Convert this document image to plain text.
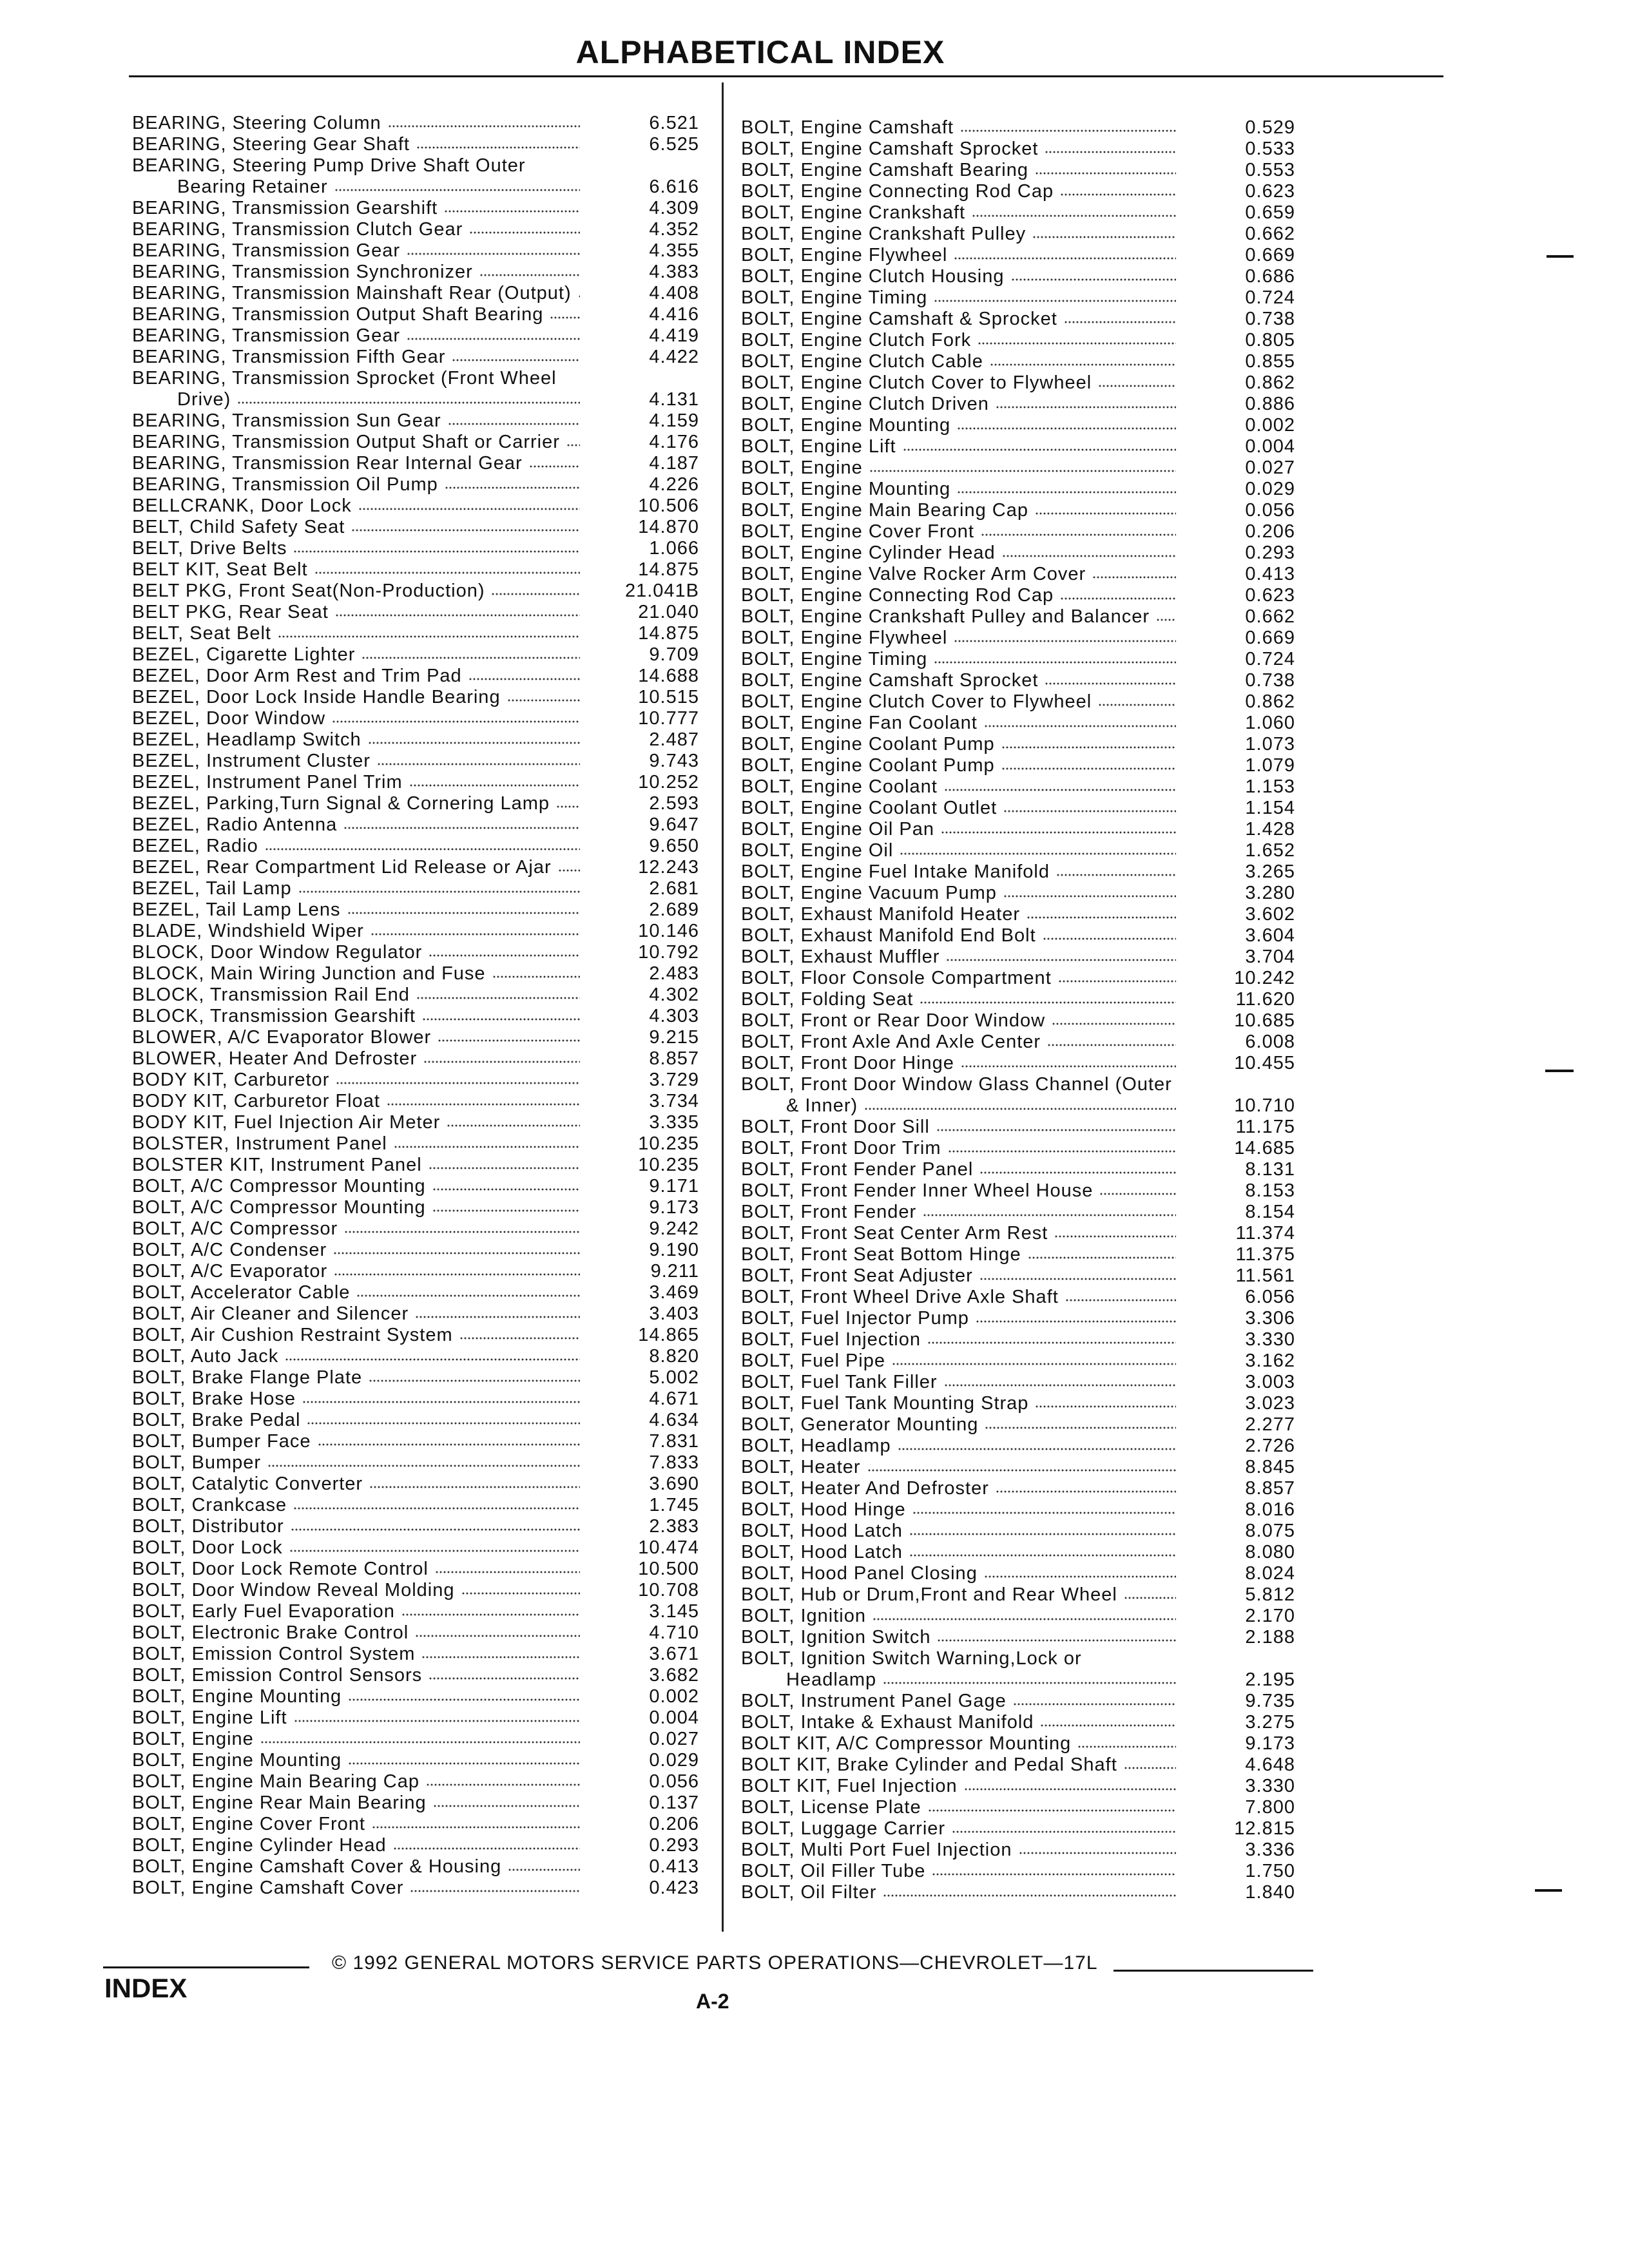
ALPHABETICAL INDEX
BEARING, Steering Column	6.521
BEARING, Steering Gear Shaft	6.525
BEARING, Steering Pump Drive Shaft Outer
Bearing Retainer	6.616
BEARING, Transmission Gearshift	4.309
BEARING, Transmission Clutch Gear	4.352
BEARING, Transmission Gear	4.355
BEARING, Transmission Synchronizer	4.383
BEARING, Transmission Mainshaft Rear (Output)	4.408
BEARING, Transmission Output Shaft Bearing	4.416
BEARING, Transmission Gear	4.419
BEARING, Transmission Fifth Gear	4.422
BEARING, Transmission Sprocket (Front Wheel
Drive)	4.131
BEARING, Transmission Sun Gear	4.159
BEARING, Transmission Output Shaft or Carrier	4.176
BEARING, Transmission Rear Internal Gear	4.187
BEARING, Transmission Oil Pump	4.226
BELLCRANK, Door Lock	10.506
BELT, Child Safety Seat	14.870
BELT, Drive Belts	1.066
BELT KIT, Seat Belt	14.875
BELT PKG, Front Seat(Non-Production)	21.041B
BELT PKG, Rear Seat	21.040
BELT, Seat Belt	14.875
BEZEL, Cigarette Lighter	9.709
BEZEL, Door Arm Rest and Trim Pad	14.688
BEZEL, Door Lock Inside Handle Bearing	10.515
BEZEL, Door Window	10.777
BEZEL, Headlamp Switch	2.487
BEZEL, Instrument Cluster	9.743
BEZEL, Instrument Panel Trim	10.252
BEZEL, Parking,Turn Signal & Cornering Lamp	2.593
BEZEL, Radio Antenna	9.647
BEZEL, Radio	9.650
BEZEL, Rear Compartment Lid Release or Ajar	12.243
BEZEL, Tail Lamp	2.681
BEZEL, Tail Lamp Lens	2.689
BLADE, Windshield Wiper	10.146
BLOCK, Door Window Regulator	10.792
BLOCK, Main Wiring Junction and Fuse	2.483
BLOCK, Transmission Rail End	4.302
BLOCK, Transmission Gearshift	4.303
BLOWER, A/C Evaporator Blower	9.215
BLOWER, Heater And Defroster	8.857
BODY KIT, Carburetor	3.729
BODY KIT, Carburetor Float	3.734
BODY KIT, Fuel Injection Air Meter	3.335
BOLSTER, Instrument Panel	10.235
BOLSTER KIT, Instrument Panel	10.235
BOLT, A/C Compressor Mounting	9.171
BOLT, A/C Compressor Mounting	9.173
BOLT, A/C Compressor	9.242
BOLT, A/C Condenser	9.190
BOLT, A/C Evaporator	9.211
BOLT, Accelerator Cable	3.469
BOLT, Air Cleaner and Silencer	3.403
BOLT, Air Cushion Restraint System	14.865
BOLT, Auto Jack	8.820
BOLT, Brake Flange Plate	5.002
BOLT, Brake Hose	4.671
BOLT, Brake Pedal	4.634
BOLT, Bumper Face	7.831
BOLT, Bumper	7.833
BOLT, Catalytic Converter	3.690
BOLT, Crankcase	1.745
BOLT, Distributor	2.383
BOLT, Door Lock	10.474
BOLT, Door Lock Remote Control	10.500
BOLT, Door Window Reveal Molding	10.708
BOLT, Early Fuel Evaporation	3.145
BOLT, Electronic Brake Control	4.710
BOLT, Emission Control System	3.671
BOLT, Emission Control Sensors	3.682
BOLT, Engine Mounting	0.002
BOLT, Engine Lift	0.004
BOLT, Engine	0.027
BOLT, Engine Mounting	0.029
BOLT, Engine Main Bearing Cap	0.056
BOLT, Engine Rear Main Bearing	0.137
BOLT, Engine Cover Front	0.206
BOLT, Engine Cylinder Head	0.293
BOLT, Engine Camshaft Cover & Housing	0.413
BOLT, Engine Camshaft Cover	0.423
BOLT, Engine Camshaft	0.529
BOLT, Engine Camshaft Sprocket	0.533
BOLT, Engine Camshaft Bearing	0.553
BOLT, Engine Connecting Rod Cap	0.623
BOLT, Engine Crankshaft	0.659
BOLT, Engine Crankshaft Pulley	0.662
BOLT, Engine Flywheel	0.669
BOLT, Engine Clutch Housing	0.686
BOLT, Engine Timing	0.724
BOLT, Engine Camshaft & Sprocket	0.738
BOLT, Engine Clutch Fork	0.805
BOLT, Engine Clutch Cable	0.855
BOLT, Engine Clutch Cover to Flywheel	0.862
BOLT, Engine Clutch Driven	0.886
BOLT, Engine Mounting	0.002
BOLT, Engine Lift	0.004
BOLT, Engine	0.027
BOLT, Engine Mounting	0.029
BOLT, Engine Main Bearing Cap	0.056
BOLT, Engine Cover Front	0.206
BOLT, Engine Cylinder Head	0.293
BOLT, Engine Valve Rocker Arm Cover	0.413
BOLT, Engine Connecting Rod Cap	0.623
BOLT, Engine Crankshaft Pulley and Balancer	0.662
BOLT, Engine Flywheel	0.669
BOLT, Engine Timing	0.724
BOLT, Engine Camshaft Sprocket	0.738
BOLT, Engine Clutch Cover to Flywheel	0.862
BOLT, Engine Fan Coolant	1.060
BOLT, Engine Coolant Pump	1.073
BOLT, Engine Coolant Pump	1.079
BOLT, Engine Coolant	1.153
BOLT, Engine Coolant Outlet	1.154
BOLT, Engine Oil Pan	1.428
BOLT, Engine Oil	1.652
BOLT, Engine Fuel Intake Manifold	3.265
BOLT, Engine Vacuum Pump	3.280
BOLT, Exhaust Manifold Heater	3.602
BOLT, Exhaust Manifold End Bolt	3.604
BOLT, Exhaust Muffler	3.704
BOLT, Floor Console Compartment	10.242
BOLT, Folding Seat	11.620
BOLT, Front or Rear Door Window	10.685
BOLT, Front Axle And Axle Center	6.008
BOLT, Front Door Hinge	10.455
BOLT, Front Door Window Glass Channel (Outer
& Inner)	10.710
BOLT, Front Door Sill	11.175
BOLT, Front Door Trim	14.685
BOLT, Front Fender Panel	8.131
BOLT, Front Fender Inner Wheel House	8.153
BOLT, Front Fender	8.154
BOLT, Front Seat Center Arm Rest	11.374
BOLT, Front Seat Bottom Hinge	11.375
BOLT, Front Seat Adjuster	11.561
BOLT, Front Wheel Drive Axle Shaft	6.056
BOLT, Fuel Injector Pump	3.306
BOLT, Fuel Injection	3.330
BOLT, Fuel Pipe	3.162
BOLT, Fuel Tank Filler	3.003
BOLT, Fuel Tank Mounting Strap	3.023
BOLT, Generator Mounting	2.277
BOLT, Headlamp	2.726
BOLT, Heater	8.845
BOLT, Heater And Defroster	8.857
BOLT, Hood Hinge	8.016
BOLT, Hood Latch	8.075
BOLT, Hood Latch	8.080
BOLT, Hood Panel Closing	8.024
BOLT, Hub or Drum,Front and Rear Wheel	5.812
BOLT, Ignition	2.170
BOLT, Ignition Switch	2.188
BOLT, Ignition Switch Warning,Lock or
Headlamp	2.195
BOLT, Instrument Panel Gage	9.735
BOLT, Intake & Exhaust Manifold	3.275
BOLT KIT, A/C Compressor Mounting	9.173
BOLT KIT, Brake Cylinder and Pedal Shaft	4.648
BOLT KIT, Fuel Injection	3.330
BOLT, License Plate	7.800
BOLT, Luggage Carrier	12.815
BOLT, Multi Port Fuel Injection	3.336
BOLT, Oil Filler Tube	1.750
BOLT, Oil Filter	1.840
© 1992 GENERAL MOTORS SERVICE PARTS OPERATIONS—CHEVROLET—17L
INDEX	A-2
